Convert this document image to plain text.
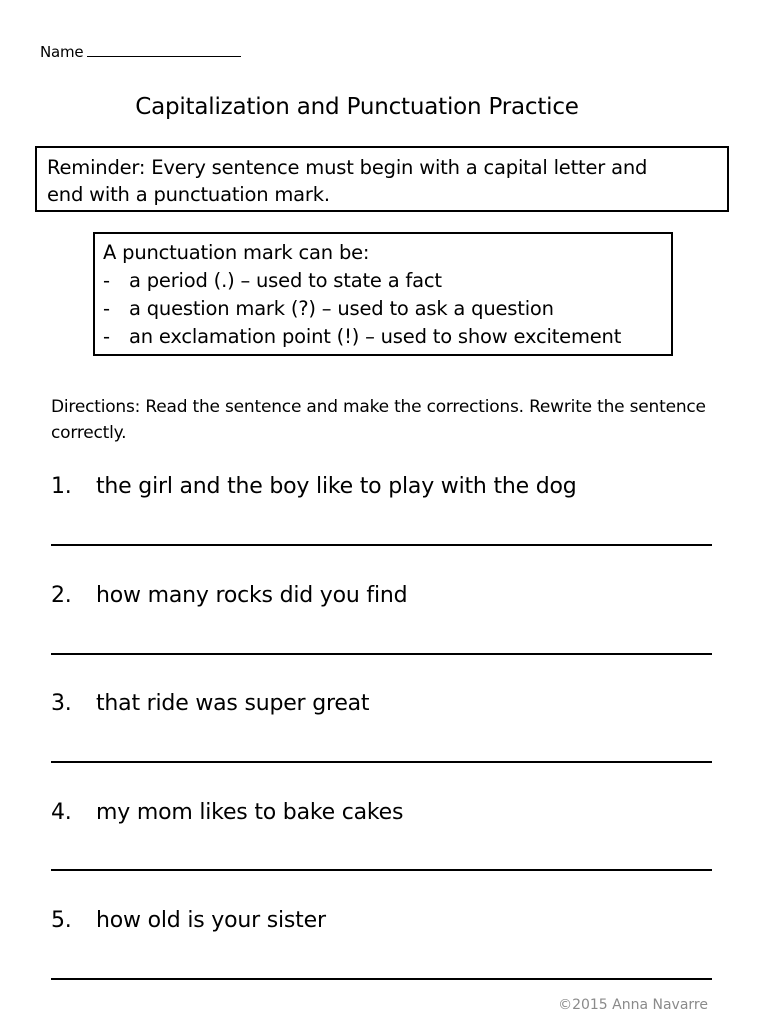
Name
Capitalization and Punctuation Practice
Reminder: Every sentence must begin with a capital letter and
end with a punctuation mark.
A punctuation mark can be:
- a period (.) – used to state a fact
- a question mark (?) – used to ask a question
- an exclamation point (!) – used to show excitement
Directions: Read the sentence and make the corrections. Rewrite the sentence correctly.
1. the girl and the boy like to play with the dog
2. how many rocks did you find
3. that ride was super great
4. my mom likes to bake cakes
5. how old is your sister
©2015 Anna Navarre
